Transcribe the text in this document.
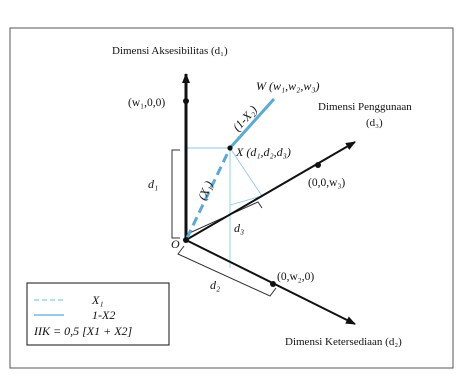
Dimensi Aksesibilitas (d₁)
Dimensi Penggunaan
(d₃)
Dimensi Ketersediaan (d₂)
(w₁,0,0)
(0,0,w₃)
(0,w₂,0)
O
W (w₁,w₂,w₃)
X (d₁,d₂,d₃)
(X₁)
(1-X₂)
d₁
d₃
d₂
X₁
1-X2
IIK = 0,5 [X1 + X2]
